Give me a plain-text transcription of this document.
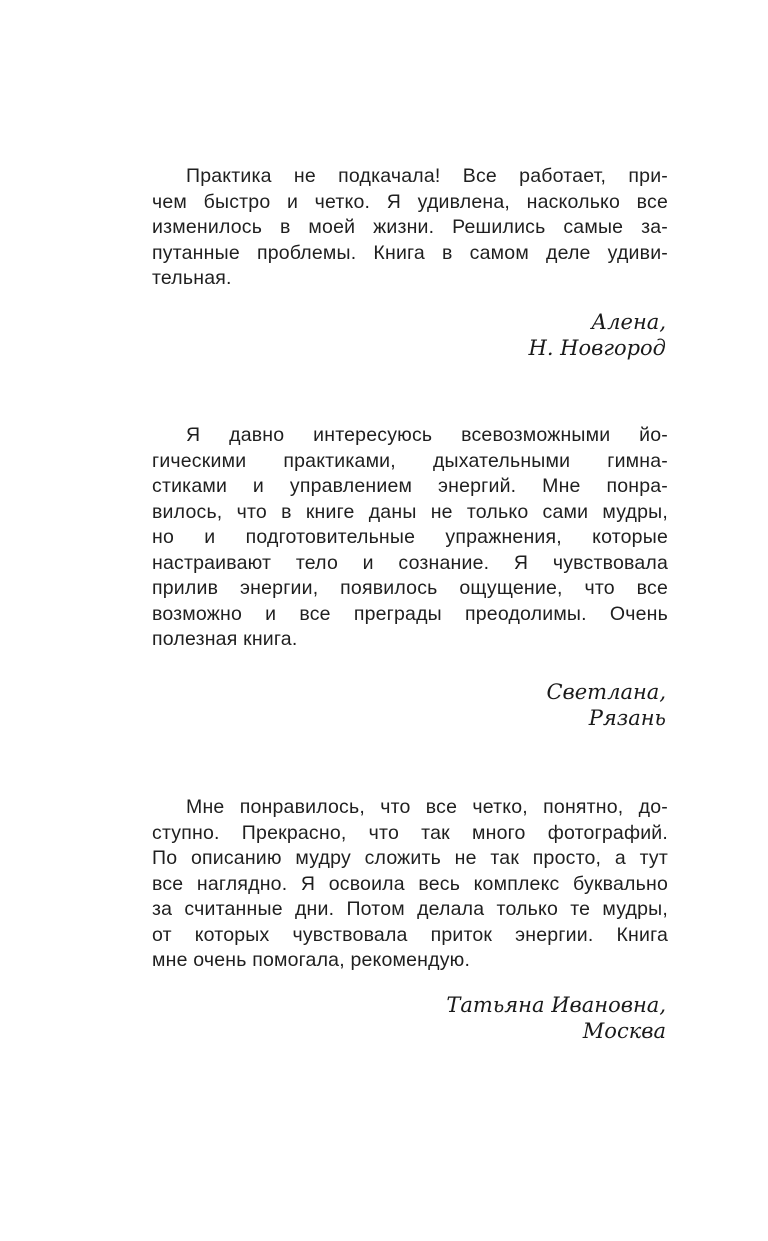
Практика не подкачала! Все работает, при-
чем быстро и четко. Я удивлена, насколько все
изменилось в моей жизни. Решились самые за-
путанные проблемы. Книга в самом деле удиви-
тельная.
Алена,
Н. Новгород
Я давно интересуюсь всевозможными йо-
гическими практиками, дыхательными гимна-
стиками и управлением энергий. Мне понра-
вилось, что в книге даны не только сами мудры,
но и подготовительные упражнения, которые
настраивают тело и сознание. Я чувствовала
прилив энергии, появилось ощущение, что все
возможно и все преграды преодолимы. Очень
полезная книга.
Светлана,
Рязань
Мне понравилось, что все четко, понятно, до-
ступно. Прекрасно, что так много фотографий.
По описанию мудру сложить не так просто, а тут
все наглядно. Я освоила весь комплекс буквально
за считанные дни. Потом делала только те мудры,
от которых чувствовала приток энергии. Книга
мне очень помогала, рекомендую.
Татьяна Ивановна,
Москва
